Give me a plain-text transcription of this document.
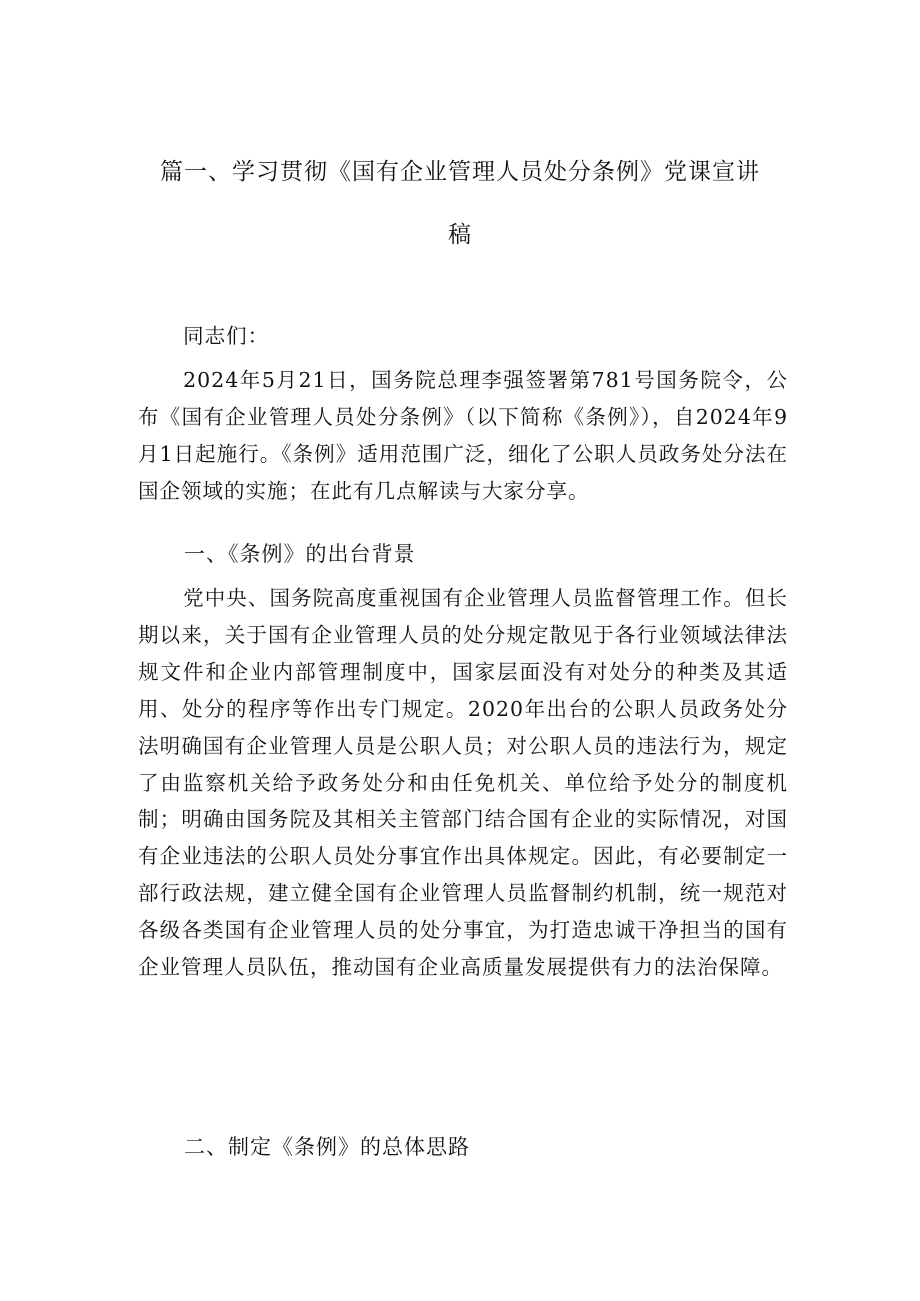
篇一、学习贯彻《国有企业管理人员处分条例》党课宣讲
稿

同志们：

2024年5月21日，国务院总理李强签署第781号国务院令，公布《国有企业管理人员处分条例》（以下简称《条例》），自2024年9月1日起施行。《条例》适用范围广泛，细化了公职人员政务处分法在国企领域的实施；在此有几点解读与大家分享。

一、《条例》的出台背景

党中央、国务院高度重视国有企业管理人员监督管理工作。但长期以来，关于国有企业管理人员的处分规定散见于各行业领域法律法规文件和企业内部管理制度中，国家层面没有对处分的种类及其适用、处分的程序等作出专门规定。2020年出台的公职人员政务处分法明确国有企业管理人员是公职人员；对公职人员的违法行为，规定了由监察机关给予政务处分和由任免机关、单位给予处分的制度机制；明确由国务院及其相关主管部门结合国有企业的实际情况，对国有企业违法的公职人员处分事宜作出具体规定。因此，有必要制定一部行政法规，建立健全国有企业管理人员监督制约机制，统一规范对各级各类国有企业管理人员的处分事宜，为打造忠诚干净担当的国有企业管理人员队伍，推动国有企业高质量发展提供有力的法治保障。

二、制定《条例》的总体思路
